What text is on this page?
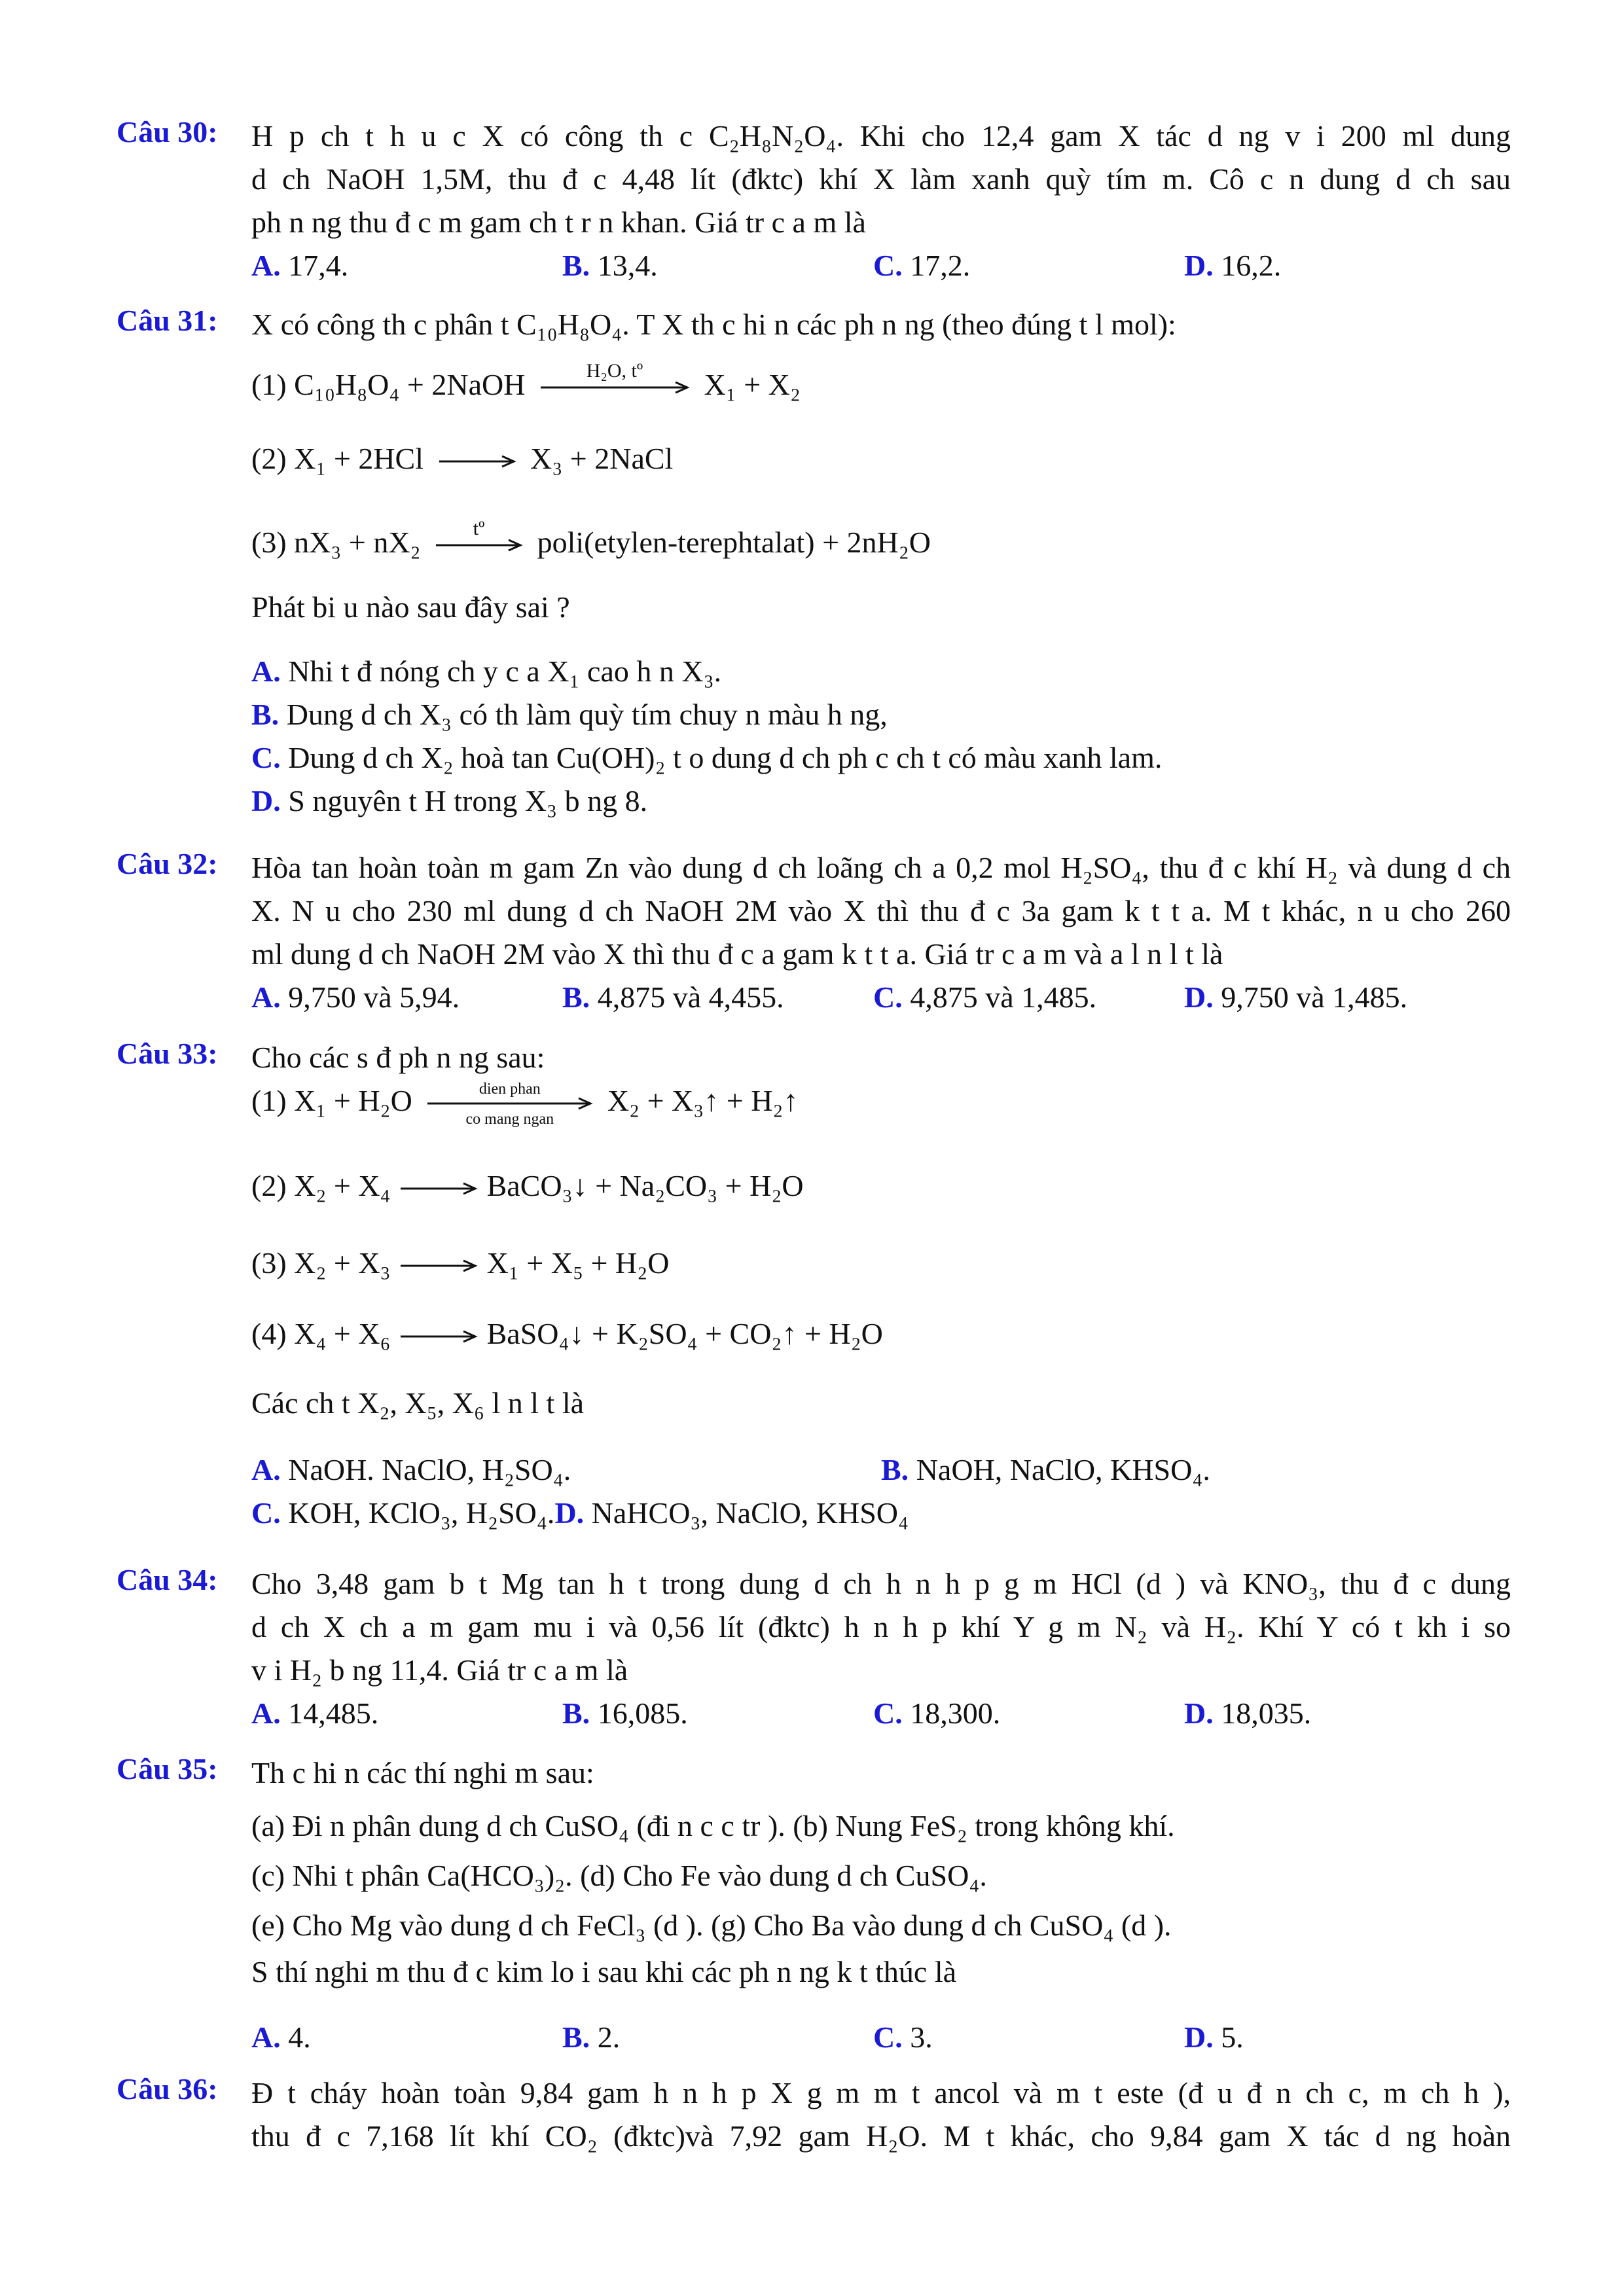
Câu 30: H p ch t h u c X có công th c C₂H₈N₂O₄. Khi cho 12,4 gam X tác d ng v i 200 ml dung
d ch NaOH 1,5M, thu đ c 4,48 lít (đktc) khí X làm xanh quỳ tím m. Cô c n dung d ch sau
ph n ng thu đ c m gam ch t r n khan. Giá tr c a m là
A. 17,4.	B. 13,4.	C. 17,2.	D. 16,2.
Câu 31: X có công th c phân t C₁₀H₈O₄. T X th c hi n các ph n ng (theo đúng t l mol):
(1) C₁₀H₈O₄ + 2NaOH	H₂O, tº	X₁ + X₂
(2) X₁ + 2HCl → X₃ + 2NaCl
(3) nX₃ + nX₂	tº	poli(etylen-terephtalat) + 2nH₂O
Phát bi u nào sau đây sai ?
A. Nhi t đ nóng ch y c a X₁ cao h n X₃.
B. Dung d ch X₃ có th làm quỳ tím chuy n màu h ng,
C. Dung d ch X₂ hoà tan Cu(OH)₂ t o dung d ch ph c ch t có màu xanh lam.
D. S nguyên t H trong X₃ b ng 8.
Câu 32: Hòa tan hoàn toàn m gam Zn vào dung d ch loãng ch a 0,2 mol H₂SO₄, thu đ c khí H₂ và dung d ch
X. N u cho 230 ml dung d ch NaOH 2M vào X thì thu đ c 3a gam k t t a. M t khác, n u cho 260
ml dung d ch NaOH 2M vào X thì thu đ c a gam k t t a. Giá tr c a m và a l n l t là
A. 9,750 và 5,94.	B. 4,875 và 4,455.	C. 4,875 và 1,485.	D. 9,750 và 1,485.
Câu 33: Cho các s đ ph n ng sau:
(1) X₁ + H₂O	dien phan
co mang ngan
X₂ + X₃↑ + H₂↑
(2) X₂ + X₄ → BaCO₃↓ + Na₂CO₃ + H₂O
(3) X₂ + X₃ → X₁ + X₅ + H₂O
(4) X₄ + X₆ → BaSO₄↓ + K₂SO₄ + CO₂↑ + H₂O
Các ch t X₂, X₅, X₆ l n l t là
A. NaOH. NaClO, H₂SO₄.	B. NaOH, NaClO, KHSO₄.
C. KOH, KClO₃, H₂SO₄.D. NaHCO₃, NaClO, KHSO₄
Câu 34: Cho 3,48 gam b t Mg tan h t trong dung d ch h n h p g m HCl (d ) và KNO₃, thu đ c dung
d ch X ch a m gam mu i và 0,56 lít (đktc) h n h p khí Y g m N₂ và H₂. Khí Y có t kh i so
v i H₂ b ng 11,4. Giá tr c a m là
A. 14,485.	B. 16,085.	C. 18,300.	D. 18,035.
Câu 35: Th c hi n các thí nghi m sau:
(a) Đi n phân dung d ch CuSO₄ (đi n c c tr ). (b) Nung FeS₂ trong không khí.
(c) Nhi t phân Ca(HCO₃)₂. (d) Cho Fe vào dung d ch CuSO₄.
(e) Cho Mg vào dung d ch FeCl₃ (d ). (g) Cho Ba vào dung d ch CuSO₄ (d ).
S thí nghi m thu đ c kim lo i sau khi các ph n ng k t thúc là
A. 4.	B. 2.	C. 3.	D. 5.
Câu 36: Đ t cháy hoàn toàn 9,84 gam h n h p X g m m t ancol và m t este (đ u đ n ch c, m ch h ),
thu đ c 7,168 lít khí CO₂ (đktc)và 7,92 gam H₂O. M t khác, cho 9,84 gam X tác d ng hoàn
